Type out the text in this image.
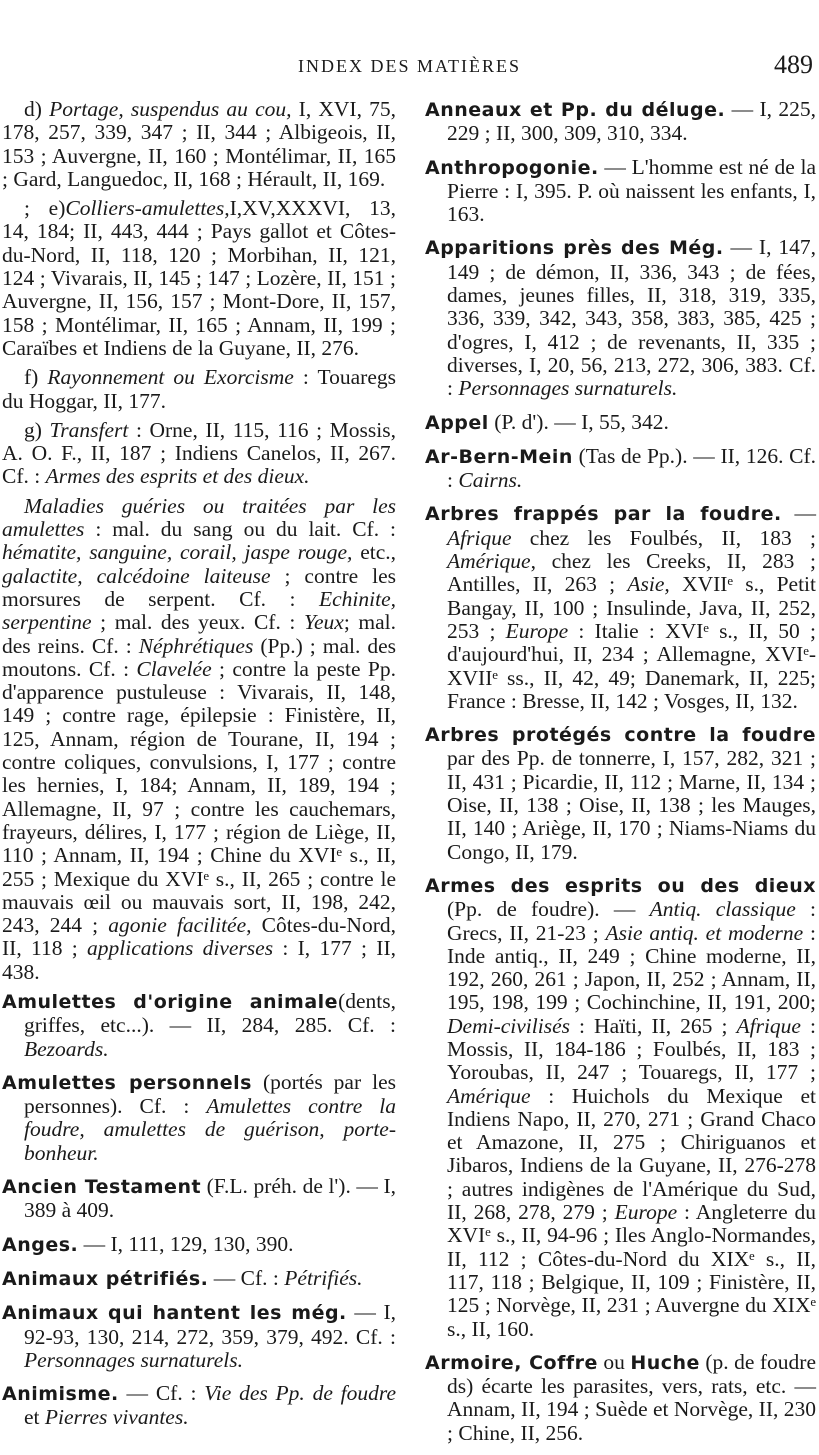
INDEX DES MATIÈRES	489

d) Portage, suspendus au cou, I, XVI, 75, 178, 257, 339, 347 ; II, 344 ; Albigeois, II, 153 ; Auvergne, II, 160 ; Montélimar, II, 165 ; Gard, Languedoc, II, 168 ; Hérault, II, 169.

; e)Colliers-amulettes,I,XV,XXXVI, 13, 14, 184; II, 443, 444 ; Pays gallot et Côtes-du-Nord, II, 118, 120 ; Morbihan, II, 121, 124 ; Vivarais, II, 145 ; 147 ; Lozère, II, 151 ; Auvergne, II, 156, 157 ; Mont-Dore, II, 157, 158 ; Montélimar, II, 165 ; Annam, II, 199 ; Caraïbes et Indiens de la Guyane, II, 276.

f) Rayonnement ou Exorcisme : Touaregs du Hoggar, II, 177.

g) Transfert : Orne, II, 115, 116 ; Mossis, A. O. F., II, 187 ; Indiens Canelos, II, 267. Cf. : Armes des esprits et des dieux.

Maladies guéries ou traitées par les amulettes : mal. du sang ou du lait. Cf. : hématite, sanguine, corail, jaspe rouge, etc., galactite, calcédoine laiteuse ; contre les morsures de serpent. Cf. : Echinite, serpentine ; mal. des yeux. Cf. : Yeux; mal. des reins. Cf. : Néphrétiques (Pp.) ; mal. des moutons. Cf. : Clavelée ; contre la peste Pp. d'apparence pustuleuse : Vivarais, II, 148, 149 ; contre rage, épilepsie : Finistère, II, 125, Annam, région de Tourane, II, 194 ; contre coliques, convulsions, I, 177 ; contre les hernies, I, 184; Annam, II, 189, 194 ; Allemagne, II, 97 ; contre les cauchemars, frayeurs, délires, I, 177 ; région de Liège, II, 110 ; Annam, II, 194 ; Chine du XVIᵉ s., II, 255 ; Mexique du XVIᵉ s., II, 265 ; contre le mauvais œil ou mauvais sort, II, 198, 242, 243, 244 ; agonie facilitée, Côtes-du-Nord, II, 118 ; applications diverses : I, 177 ; II, 438.

Amulettes d'origine animale(dents, griffes, etc...). — II, 284, 285. Cf. : Bezoards.

Amulettes personnels (portés par les personnes). Cf. : Amulettes contre la foudre, amulettes de guérison, porte-bonheur.

Ancien Testament (F.L. préh. de l'). — I, 389 à 409.

Anges. — I, 111, 129, 130, 390.

Animaux pétrifiés. — Cf. : Pétrifiés.

Animaux qui hantent les még. — I, 92-93, 130, 214, 272, 359, 379, 492. Cf. : Personnages surnaturels.

Animisme. — Cf. : Vie des Pp. de foudre et Pierres vivantes.

Anneaux et Pp. du déluge. — I, 225, 229 ; II, 300, 309, 310, 334.

Anthropogonie. — L'homme est né de la Pierre : I, 395. P. où naissent les enfants, I, 163.

Apparitions près des Még. — I, 147, 149 ; de démon, II, 336, 343 ; de fées, dames, jeunes filles, II, 318, 319, 335, 336, 339, 342, 343, 358, 383, 385, 425 ; d'ogres, I, 412 ; de revenants, II, 335 ; diverses, I, 20, 56, 213, 272, 306, 383. Cf. : Personnages surnaturels.

Appel (P. d'). — I, 55, 342.

Ar-Bern-Mein (Tas de Pp.). — II, 126. Cf. : Cairns.

Arbres frappés par la foudre. — Afrique chez les Foulbés, II, 183 ; Amérique, chez les Creeks, II, 283 ; Antilles, II, 263 ; Asie, XVIIᵉ s., Petit Bangay, II, 100 ; Insulinde, Java, II, 252, 253 ; Europe : Italie : XVIᵉ s., II, 50 ; d'aujourd'hui, II, 234 ; Allemagne, XVIᵉ-XVIIᵉ ss., II, 42, 49; Danemark, II, 225; France : Bresse, II, 142 ; Vosges, II, 132.

Arbres protégés contre la foudre par des Pp. de tonnerre, I, 157, 282, 321 ; II, 431 ; Picardie, II, 112 ; Marne, II, 134 ; Oise, II, 138 ; Oise, II, 138 ; les Mauges, II, 140 ; Ariège, II, 170 ; Niams-Niams du Congo, II, 179.

Armes des esprits ou des dieux (Pp. de foudre). — Antiq. classique : Grecs, II, 21-23 ; Asie antiq. et moderne : Inde antiq., II, 249 ; Chine moderne, II, 192, 260, 261 ; Japon, II, 252 ; Annam, II, 195, 198, 199 ; Cochinchine, II, 191, 200; Demi-civilisés : Haïti, II, 265 ; Afrique : Mossis, II, 184-186 ; Foulbés, II, 183 ; Yoroubas, II, 247 ; Touaregs, II, 177 ; Amérique : Huichols du Mexique et Indiens Napo, II, 270, 271 ; Grand Chaco et Amazone, II, 275 ; Chiriguanos et Jibaros, Indiens de la Guyane, II, 276-278 ; autres indigènes de l'Amérique du Sud, II, 268, 278, 279 ; Europe : Angleterre du XVIᵉ s., II, 94-96 ; Iles Anglo-Normandes, II, 112 ; Côtes-du-Nord du XIXᵉ s., II, 117, 118 ; Belgique, II, 109 ; Finistère, II, 125 ; Norvège, II, 231 ; Auvergne du XIXᵉ s., II, 160.

Armoire, Coffre ou Huche (p. de foudre ds) écarte les parasites, vers, rats, etc. — Annam, II, 194 ; Suède et Norvège, II, 230 ; Chine, II, 256.
